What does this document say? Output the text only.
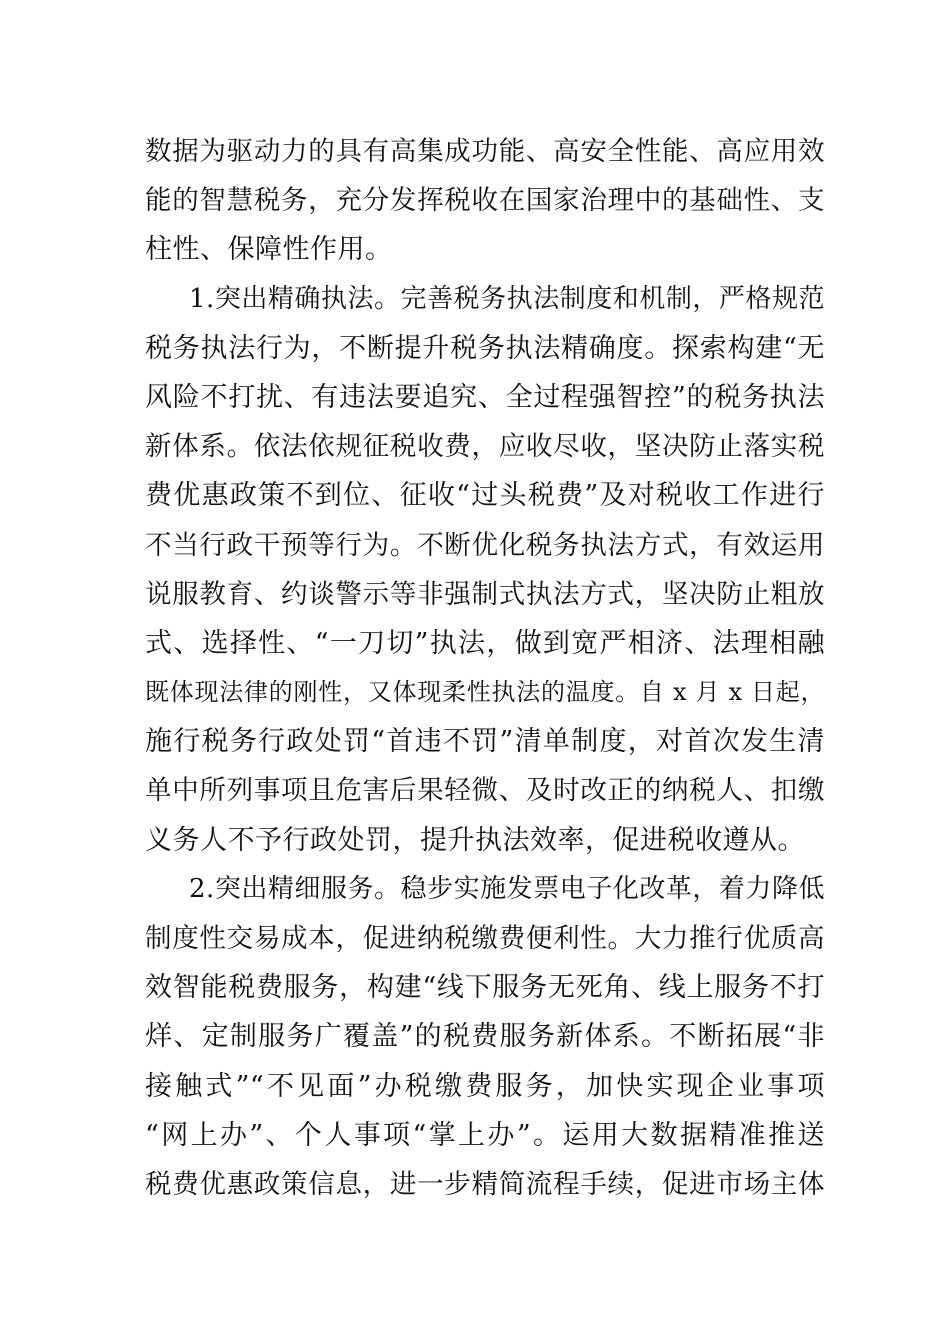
数据为驱动力的具有高集成功能、高安全性能、高应用效
能的智慧税务，充分发挥税收在国家治理中的基础性、支
柱性、保障性作用。
1.突出精确执法。完善税务执法制度和机制，严格规范
税务执法行为，不断提升税务执法精确度。探索构建“无
风险不打扰、有违法要追究、全过程强智控”的税务执法
新体系。依法依规征税收费，应收尽收，坚决防止落实税
费优惠政策不到位、征收“过头税费”及对税收工作进行
不当行政干预等行为。不断优化税务执法方式，有效运用
说服教育、约谈警示等非强制式执法方式，坚决防止粗放
式、选择性、“一刀切”执法，做到宽严相济、法理相融
既体现法律的刚性，又体现柔性执法的温度。自 x 月 x 日起，
施行税务行政处罚“首违不罚”清单制度，对首次发生清
单中所列事项且危害后果轻微、及时改正的纳税人、扣缴
义务人不予行政处罚，提升执法效率，促进税收遵从。
2.突出精细服务。稳步实施发票电子化改革，着力降低
制度性交易成本，促进纳税缴费便利性。大力推行优质高
效智能税费服务，构建“线下服务无死角、线上服务不打
烊、定制服务广覆盖”的税费服务新体系。不断拓展“非
接触式”“不见面”办税缴费服务，加快实现企业事项
“网上办”、个人事项“掌上办”。运用大数据精准推送
税费优惠政策信息，进一步精简流程手续，促进市场主体
